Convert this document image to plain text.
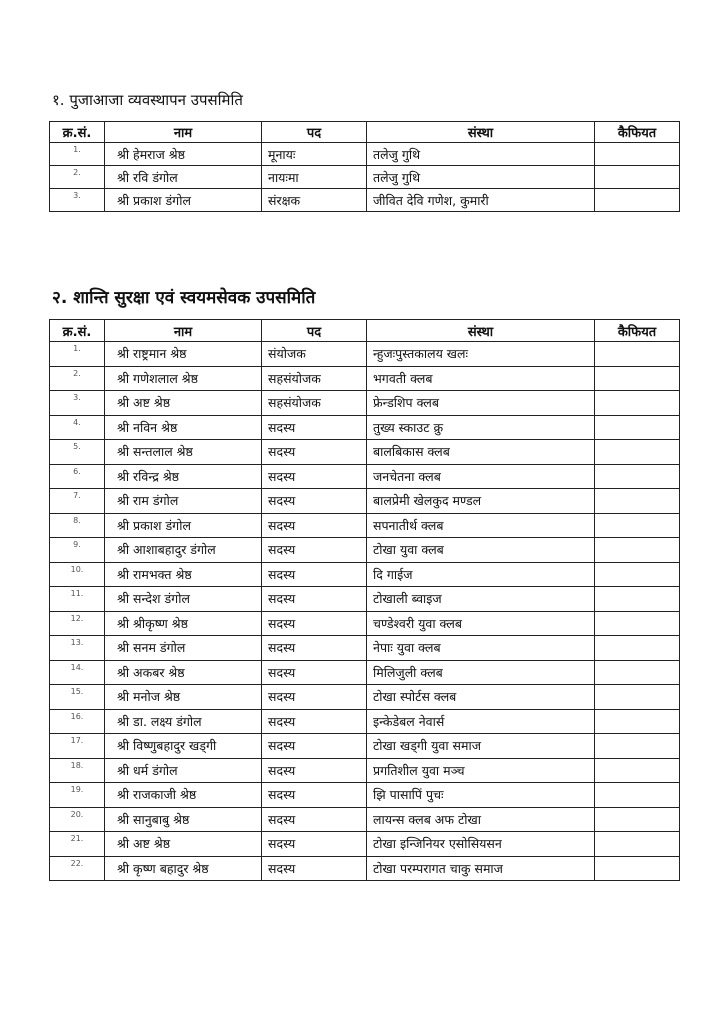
१. पुजाआजा व्यवस्थापन उपसमिति
क्र.सं.	नाम	पद	संस्था	कैफियत
1.	श्री हेमराज श्रेष्ठ	मूनायः	तलेजु गुथि	
2.	श्री रवि डंगोल	नायःमा	तलेजु गुथि	
3.	श्री प्रकाश डंगोल	संरक्षक	जीवित देवि गणेश, कुमारी	
२. शान्ति सुरक्षा एवं स्वयमसेवक उपसमिति
क्र.सं.	नाम	पद	संस्था	कैफियत
1.	श्री राष्ट्रमान श्रेष्ठ	संयोजक	न्हुजःपुस्तकालय खलः	
2.	श्री गणेशलाल श्रेष्ठ	सहसंयोजक	भगवती क्लब	
3.	श्री अष्ट श्रेष्ठ	सहसंयोजक	फ्रेन्डशिप क्लब	
4.	श्री नविन श्रेष्ठ	सदस्य	तुख्य स्काउट क्रु	
5.	श्री सन्तलाल श्रेष्ठ	सदस्य	बालबिकास क्लब	
6.	श्री रविन्द्र श्रेष्ठ	सदस्य	जनचेतना क्लब	
7.	श्री राम डंगोल	सदस्य	बालप्रेमी खेलकुद मण्डल	
8.	श्री प्रकाश डंगोल	सदस्य	सपनातीर्थ क्लब	
9.	श्री आशाबहादुर डंगोल	सदस्य	टोखा युवा क्लब	
10.	श्री रामभक्त श्रेष्ठ	सदस्य	दि गाईज	
11.	श्री सन्देश डंगोल	सदस्य	टोखाली ब्वाइज	
12.	श्री श्रीकृष्ण श्रेष्ठ	सदस्य	चण्डेश्वरी युवा क्लब	
13.	श्री सनम डंगोल	सदस्य	नेपाः युवा क्लब	
14.	श्री अकबर श्रेष्ठ	सदस्य	मिलिजुली क्लब	
15.	श्री मनोज श्रेष्ठ	सदस्य	टोखा स्पोर्टस क्लब	
16.	श्री डा. लक्ष्य डंगोल	सदस्य	इन्केडेबल नेवार्स	
17.	श्री विष्णुबहादुर खड्गी	सदस्य	टोखा खड्गी युवा समाज	
18.	श्री धर्म डंगोल	सदस्य	प्रगतिशील युवा मञ्च	
19.	श्री राजकाजी श्रेष्ठ	सदस्य	झि पासापिं पुचः	
20.	श्री सानुबाबु श्रेष्ठ	सदस्य	लायन्स क्लब अफ टोखा	
21.	श्री अष्ट श्रेष्ठ	सदस्य	टोखा इन्जिनियर एसोसियसन	
22.	श्री कृष्ण बहादुर श्रेष्ठ	सदस्य	टोखा परम्परागत चाकु समाज	
